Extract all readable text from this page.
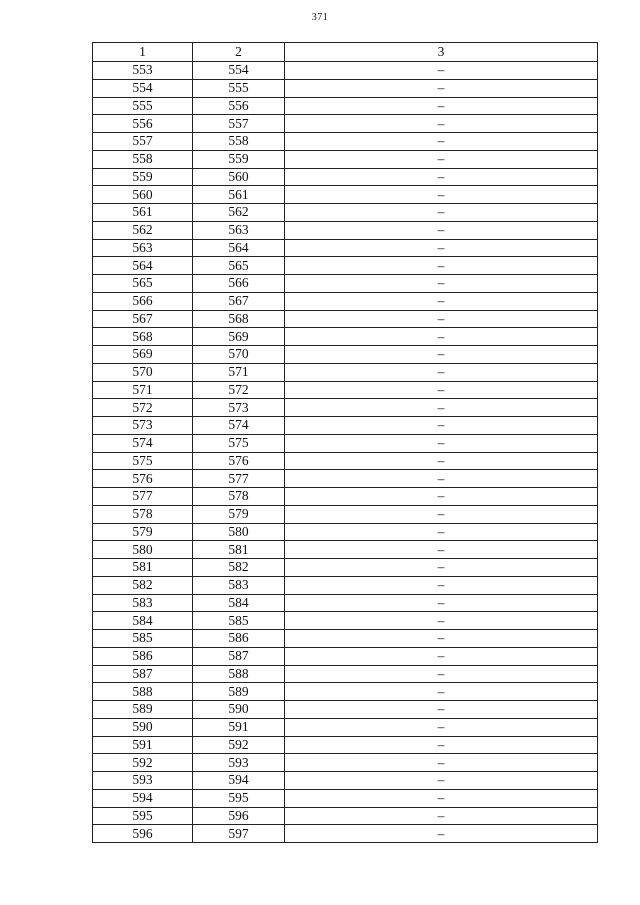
371
1	2	3
553	554	–
554	555	–
555	556	–
556	557	–
557	558	–
558	559	–
559	560	–
560	561	–
561	562	–
562	563	–
563	564	–
564	565	–
565	566	–
566	567	–
567	568	–
568	569	–
569	570	–
570	571	–
571	572	–
572	573	–
573	574	–
574	575	–
575	576	–
576	577	–
577	578	–
578	579	–
579	580	–
580	581	–
581	582	–
582	583	–
583	584	–
584	585	–
585	586	–
586	587	–
587	588	–
588	589	–
589	590	–
590	591	–
591	592	–
592	593	–
593	594	–
594	595	–
595	596	–
596	597	–
